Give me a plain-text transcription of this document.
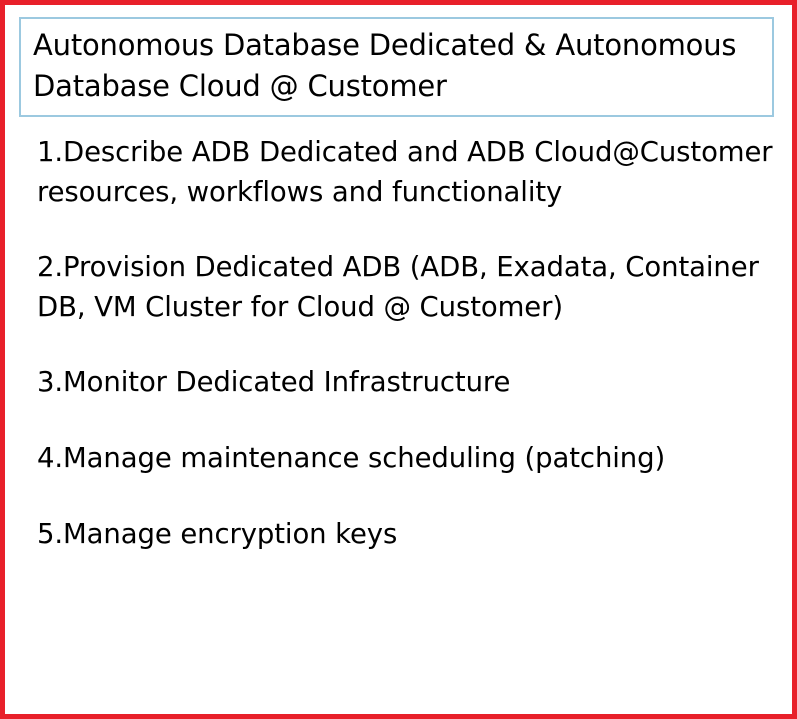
Autonomous Database Dedicated & Autonomous Database Cloud @ Customer
1.Describe ADB Dedicated and ADB Cloud@Customer resources, workflows and functionality
2.Provision Dedicated ADB (ADB, Exadata, Container DB, VM Cluster for Cloud @ Customer)
3.Monitor Dedicated Infrastructure
4.Manage maintenance scheduling (patching)
5.Manage encryption keys
